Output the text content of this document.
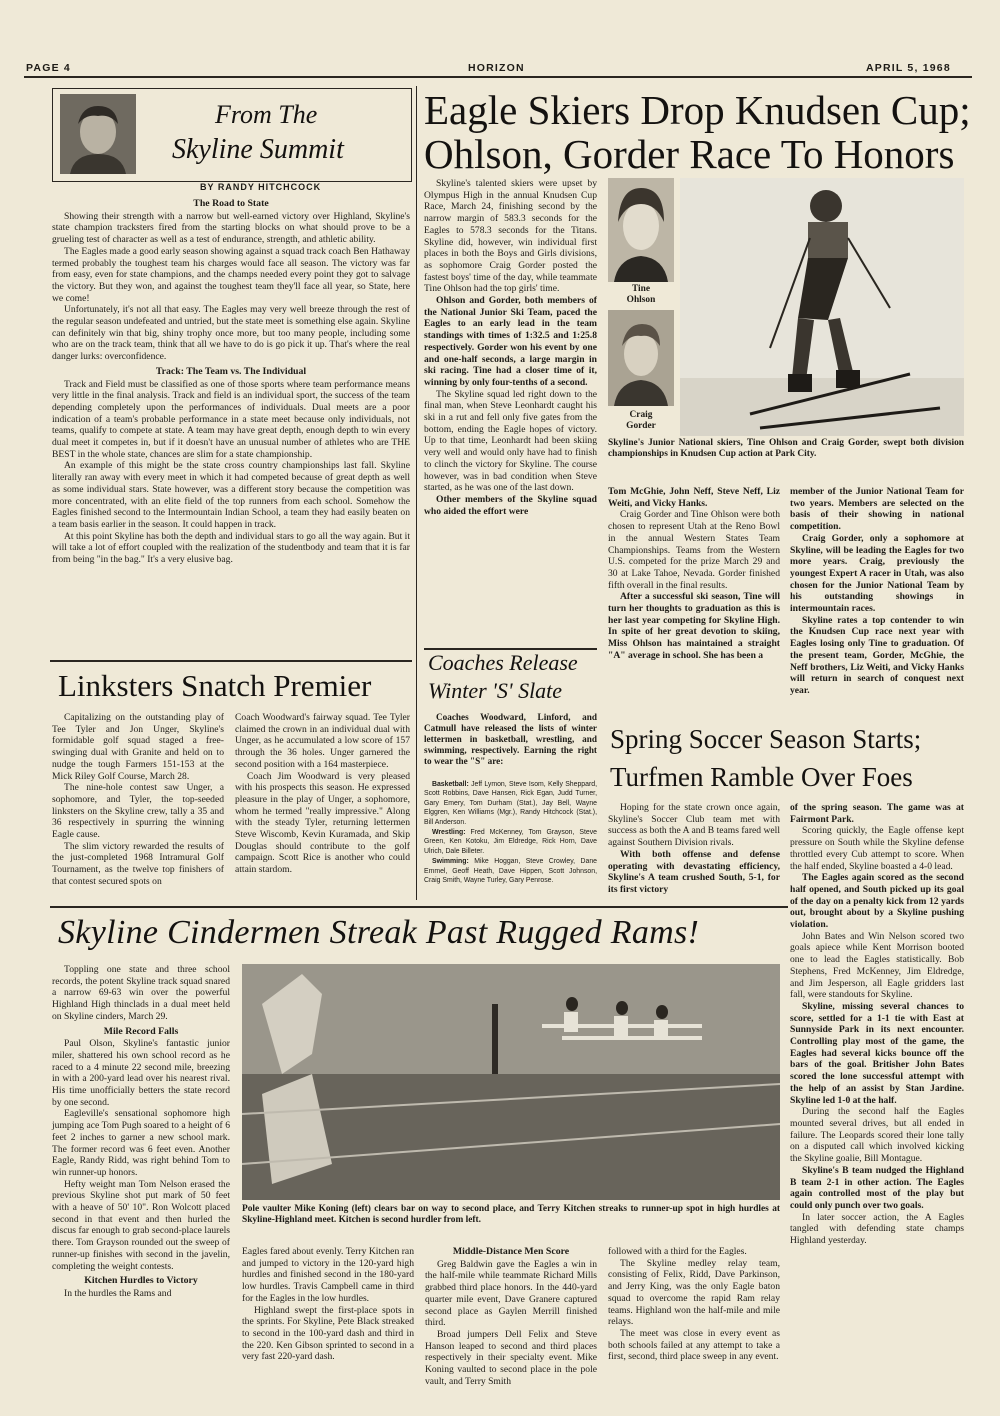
PAGE 4	HORIZON	APRIL 5, 1968
From The
Skyline Summit
BY RANDY HITCHCOCK
The Road to State

Showing their strength with a narrow but well-earned victory over Highland, Skyline's state champion tracksters fired from the starting blocks on what should prove to be a grueling test of character as well as a test of endurance, strength, and athletic ability.

The Eagles made a good early season showing against a squad track coach Ben Hathaway termed probably the toughest team his charges would face all season. The victory was far from easy, even for state champions, and the champs needed every point they got to salvage the victory. But they won, and against the toughest team they'll face all year, so State, here we come!

Unfortunately, it's not all that easy. The Eagles may very well breeze through the rest of the regular season undefeated and untried, but the state meet is something else again. Skyline can definitely win that big, shiny trophy once more, but too many people, including some who are on the track team, think that all we have to do is go pick it up. That's where the real danger lurks: overconfidence.

Track: The Team vs. The Individual

Track and Field must be classified as one of those sports where team performance means very little in the final analysis. Track and field is an individual sport, the success of the team depending completely upon the performances of individuals. Dual meets are a poor indication of a team's probable performance in a state meet because only individuals, not teams, qualify to compete at state. A team may have great depth, enough depth to win every dual meet it competes in, but if it doesn't have an unusual number of athletes who are THE BEST in the whole state, chances are slim for a state championship.

An example of this might be the state cross country championships last fall. Skyline literally ran away with every meet in which it had competed because of great depth as well as some individual stars. State however, was a different story because the competition was more concentrated, with an elite field of the top runners from each school. Somehow the Eagles finished second to the Intermountain Indian School, a team they had easily beaten on a team basis earlier in the season. It could happen in track.

At this point Skyline has both the depth and individual stars to go all the way again. But it will take a lot of effort coupled with the realization of the studentbody and team that it is far from being "in the bag." It's a very elusive bag.

Linksters Snatch Premier

Capitalizing on the outstanding play of Tee Tyler and Jon Unger, Skyline's formidable golf squad staged a free-swinging dual with Granite and held on to nudge the tough Farmers 151-153 at the Mick Riley Golf Course, March 28.

The nine-hole contest saw Unger, a sophomore, and Tyler, the top-seeded linksters on the Skyline crew, tally a 35 and 36 respectively in spurring the winning Eagle cause.

The slim victory rewarded the results of the just-completed 1968 Intramural Golf Tournament, as the twelve top finishers of that contest secured spots on

Coach Woodward's fairway squad. Tee Tyler claimed the crown in an individual dual with Unger, as he accumulated a low score of 157 through the 36 holes. Unger garnered the second position with a 164 masterpiece.

Coach Jim Woodward is very pleased with his prospects this season. He expressed pleasure in the play of Unger, a sophomore, whom he termed "really impressive." Along with the steady Tyler, returning lettermen Steve Wiscomb, Kevin Kuramada, and Skip Douglas should contribute to the golf campaign. Scott Rice is another who could attain stardom.

Eagle Skiers Drop Knudsen Cup;
Ohlson, Gorder Race To Honors

Skyline's talented skiers were upset by Olympus High in the annual Knudsen Cup Race, March 24, finishing second by the narrow margin of 583.3 seconds for the Eagles to 578.3 seconds for the Titans. Skyline did, however, win individual first places in both the Boys and Girls divisions, as sophomore Craig Gorder posted the fastest boys' time of the day, while teammate Tine Ohlson had the top girls' time.

Ohlson and Gorder, both members of the National Junior Ski Team, paced the Eagles to an early lead in the team standings with times of 1:32.5 and 1:25.8 respectively. Gorder won his event by one and one-half seconds, a large margin in ski racing. Tine had a closer time of it, winning by only four-tenths of a second.

The Skyline squad led right down to the final man, when Steve Leonhardt caught his ski in a rut and fell only five gates from the bottom, ending the Eagle hopes of victory. Up to that time, Leonhardt had been skiing very well and would only have had to finish to clinch the victory for Skyline. The course however, was in bad condition when Steve started, as he was one of the last down.

Other members of the Skyline squad who aided the effort were

Tine
Ohlson
Craig
Gorder
Skyline's Junior National skiers, Tine Ohlson and Craig Gorder, swept both division championships in Knudsen Cup action at Park City.

Tom McGhie, John Neff, Steve Neff, Liz Weiti, and Vicky Hanks.

Craig Gorder and Tine Ohlson were both chosen to represent Utah at the Reno Bowl in the annual Western States Team Championships. Teams from the Western U.S. competed for the prize March 29 and 30 at Lake Tahoe, Nevada. Gorder finished fifth overall in the final results.

After a successful ski season, Tine will turn her thoughts to graduation as this is her last year competing for Skyline High. In spite of her great devotion to skiing, Miss Ohlson has maintained a straight "A" average in school. She has been a

member of the Junior National Team for two years. Members are selected on the basis of their showing in national competition.

Craig Gorder, only a sophomore at Skyline, will be leading the Eagles for two more years. Craig, previously the youngest Expert A racer in Utah, was also chosen for the Junior National Team by his outstanding showings in intermountain races.

Skyline rates a top contender to win the Knudsen Cup race next year with Eagles losing only Tine to graduation. Of the present team, Gorder, McGhie, the Neff brothers, Liz Weiti, and Vicky Hanks will return in search of conquest next year.

Coaches Release
Winter 'S' Slate

Coaches Woodward, Linford, and Catmull have released the lists of winter lettermen in basketball, wrestling, and swimming, respectively. Earning the right to wear the "S" are:

Basketball: Jeff Lymon, Steve Isom, Kelly Sheppard, Scott Robbins, Dave Hansen, Rick Egan, Judd Turner, Gary Emery, Tom Durham (Stat.), Jay Bell, Wayne Elggren, Ken Williams (Mgr.), Randy Hitchcock (Stat.), Bill Anderson.

Wrestling: Fred McKenney, Tom Grayson, Steve Green, Ken Kotoku, Jim Eldredge, Rick Horn, Dave Ulrich, Dale Billeter.

Swimming: Mike Hoggan, Steve Crowley, Dane Emmel, Geoff Heath, Dave Hippen, Scott Johnson, Craig Smith, Wayne Turley, Gary Penrose.

Spring Soccer Season Starts;
Turfmen Ramble Over Foes

Hoping for the state crown once again, Skyline's Soccer Club team met with success as both the A and B teams fared well against Southern Division rivals.

With both offense and defense operating with devastating efficiency, Skyline's A team crushed South, 5-1, for its first victory

of the spring season. The game was at Fairmont Park.

Scoring quickly, the Eagle offense kept pressure on South while the Skyline defense throttled every Cub attempt to score. When the half ended, Skyline boasted a 4-0 lead.

The Eagles again scored as the second half opened, and South picked up its goal of the day on a penalty kick from 12 yards out, brought about by a Skyline pushing violation.

John Bates and Win Nelson scored two goals apiece while Kent Morrison booted one to lead the Eagles statistically. Bob Stephens, Fred McKenney, Jim Eldredge, and Jim Jesperson, all Eagle gridders last fall, were standouts for Skyline.

Skyline, missing several chances to score, settled for a 1-1 tie with East at Sunnyside Park in its next encounter. Controlling play most of the game, the Eagles had several kicks bounce off the bars of the goal. Britisher John Bates scored the lone successful attempt with the help of an assist by Stan Jardine. Skyline led 1-0 at the half.

During the second half the Eagles mounted several drives, but all ended in failure. The Leopards scored their lone tally on a disputed call which involved kicking the Skyline goalie, Bill Montague.

Skyline's B team nudged the Highland B team 2-1 in other action. The Eagles again controlled most of the play but could only punch over two goals.

In later soccer action, the A Eagles tangled with defending state champs Highland yesterday.

Skyline Cindermen Streak Past Rugged Rams!

Toppling one state and three school records, the potent Skyline track squad snared a narrow 69-63 win over the powerful Highland High thinclads in a dual meet held on Skyline cinders, March 29.

Mile Record Falls

Paul Olson, Skyline's fantastic junior miler, shattered his own school record as he raced to a 4 minute 22 second mile, breezing in with a 200-yard lead over his nearest rival. His time unofficially betters the state record by one second.

Eagleville's sensational sophomore high jumping ace Tom Pugh soared to a height of 6 feet 2 inches to garner a new school mark. The former record was 6 feet even. Another Eagle, Randy Ridd, was right behind Tom to win runner-up honors.

Hefty weight man Tom Nelson erased the previous Skyline shot put mark of 50 feet with a heave of 50' 10". Ron Wolcott placed second in that event and then hurled the discus far enough to grab second-place laurels there. Tom Grayson rounded out the sweep of runner-up finishes with second in the javelin, completing the weight contests.

Kitchen Hurdles to Victory

In the hurdles the Rams and

Pole vaulter Mike Koning (left) clears bar on way to second place, and Terry Kitchen streaks to runner-up spot in high hurdles at Skyline-Highland meet. Kitchen is second hurdler from left.

Eagles fared about evenly. Terry Kitchen ran and jumped to victory in the 120-yard high hurdles and finished second in the 180-yard low hurdles. Travis Campbell came in third for the Eagles in the low hurdles.

Highland swept the first-place spots in the sprints. For Skyline, Pete Black streaked to second in the 100-yard dash and third in the 220. Ken Gibson sprinted to second in a very fast 220-yard dash.

Middle-Distance Men Score

Greg Baldwin gave the Eagles a win in the half-mile while teammate Richard Mills grabbed third place honors. In the 440-yard quarter mile event, Dave Granere captured second place as Gaylen Merrill finished third.

Broad jumpers Dell Felix and Steve Hanson leaped to second and third places respectively in their specialty event. Mike Koning vaulted to second place in the pole vault, and Terry Smith

followed with a third for the Eagles.

The Skyline medley relay team, consisting of Felix, Ridd, Dave Parkinson, and Jerry King, was the only Eagle baton squad to overcome the rapid Ram relay teams. Highland won the half-mile and mile relays.

The meet was close in every event as both schools failed at any attempt to take a first, second, third place sweep in any event.
